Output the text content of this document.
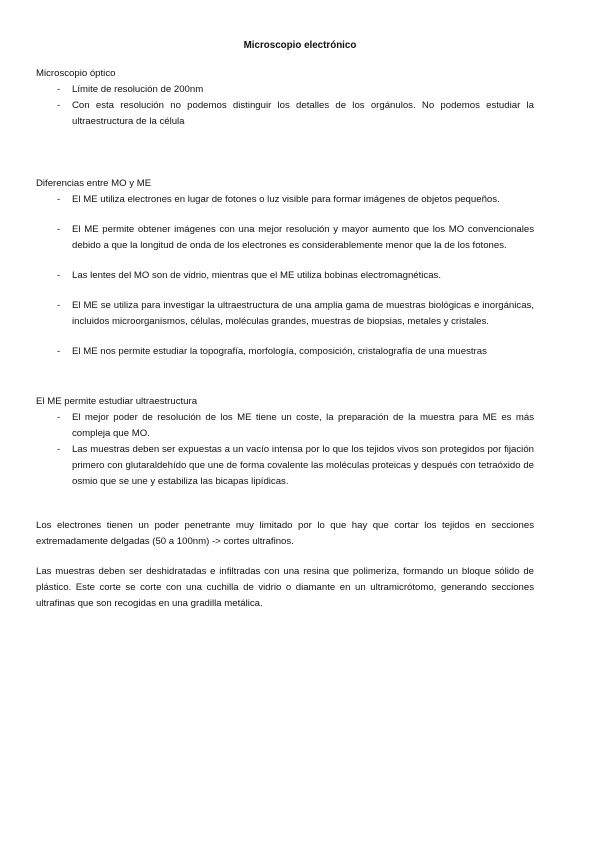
Microscopio electrónico
Microscopio óptico
- Límite de resolución de 200nm
- Con esta resolución no podemos distinguir los detalles de los orgánulos. No podemos estudiar la ultraestructura de la célula
Diferencias entre MO y ME
- El ME utiliza electrones en lugar de fotones o luz visible para formar imágenes de objetos pequeños.
- El ME permite obtener imágenes con una mejor resolución y mayor aumento que los MO convencionales debido a que la longitud de onda de los electrones es considerablemente menor que la de los fotones.
- Las lentes del MO son de vidrio, mientras que el ME utiliza bobinas electromagnéticas.
- El ME se utiliza para investigar la ultraestructura de una amplia gama de muestras biológicas e inorgánicas, incluidos microorganismos, células, moléculas grandes, muestras de biopsias, metales y cristales.
- El ME nos permite estudiar la topografía, morfología, composición, cristalografía de una muestras
El ME permite estudiar ultraestructura
- El mejor poder de resolución de los ME tiene un coste, la preparación de la muestra para ME es más compleja que MO.
- Las muestras deben ser expuestas a un vacío intensa por lo que los tejidos vivos son protegidos por fijación primero con glutaraldehído que une de forma covalente las moléculas proteicas y después con tetraóxido de osmio que se une y estabiliza las bicapas lipídicas.

Los electrones tienen un poder penetrante muy limitado por lo que hay que cortar los tejidos en secciones extremadamente delgadas (50 a 100nm) -> cortes ultrafinos.

Las muestras deben ser deshidratadas e infiltradas con una resina que polimeriza, formando un bloque sólido de plástico. Este corte se corte con una cuchilla de vidrio o diamante en un ultramicrótomo, generando secciones ultrafinas que son recogidas en una gradilla metálica.
